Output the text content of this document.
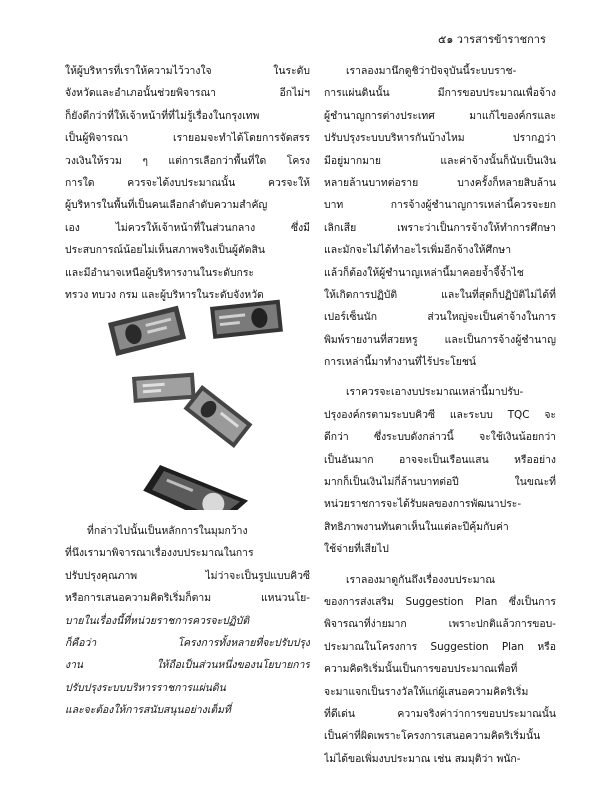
๕๑ วารสารข้าราชการ
ให้ผู้บริหารที่เราให้ความไว้วางใจ ในระดับ
จังหวัดและอำเภอนั้นช่วยพิจารณา อีกไม่ฯ
ก็ยังดีกว่าที่ให้เจ้าหน้าที่ที่ไม่รู้เรื่องในกรุงเทพ
เป็นผู้พิจารณา เรายอมจะทำได้โดยการจัดสรร
วงเงินให้รวม ๆ แต่การเลือกว่าพื้นที่ใด โครง
การใด ควรจะได้งบประมาณนั้น ควรจะให้
ผู้บริหารในพื้นที่เป็นคนเลือกลำดับความสำคัญ
เอง ไม่ควรให้เจ้าหน้าที่ในส่วนกลาง ซึ่งมี
ประสบการณ์น้อยไม่เห็นสภาพจริงเป็นผู้ตัดสิน
และมีอำนาจเหนือผู้บริหารงานในระดับกระ
ทรวง ทบวง กรม และผู้บริหารในระดับจังหวัด
ที่กล่าวไปนั้นเป็นหลักการในมุมกว้าง
ที่นึงเรามาพิจารณาเรื่องงบประมาณในการ
ปรับปรุงคุณภาพ ไม่ว่าจะเป็นรูปแบบคิวซี
หรือการเสนอความคิดริเริ่มก็ตาม แหนวนโย-
บายในเรื่องนี้ที่หน่วยราชการควรจะปฏิบัติ
ก็คือว่า โครงการทั้งหลายที่จะปรับปรุง
งาน ให้ถือเป็นส่วนหนึ่งของนโยบายการ
ปรับปรุงระบบบริหารราชการแผ่นดิน
และจะต้องให้การสนับสนุนอย่างเต็มที่
เราลองมานึกดูชิว่าปัจจุบันนี้ระบบราช-
การแผ่นดินนั้น มีการขอบประมาณเพื่อจ้าง
ผู้ชำนาญการต่างประเทศ มาแก้ไของค์กรและ
ปรับปรุงระบบบริหารกันบ้างไหม ปรากฏว่า
มีอยู่มากมาย และค่าจ้างนั้นก็นับเป็นเงิน
หลายล้านบาทต่อราย บางครั้งก็หลายสิบล้าน
บาท การจ้างผู้ชำนาญการเหล่านี้ควรจะยก
เลิกเสีย เพราะว่าเป็นการจ้างให้ทำการศึกษา
และมักจะไม่ได้ทำอะไรเพิ่มอีกจ้างให้ศึกษา
แล้วก็ต้องให้ผู้ชำนาญเหล่านี้มาคอยจ้ำจี้จ้ำไช
ให้เกิดการปฏิบัติ และในที่สุดก็ปฏิบัติไม่ได้ที่
เปอร์เซ็นนัก ส่วนใหญ่จะเป็นค่าจ้างในการ
พิมพ์รายงานที่สวยหรู และเป็นการจ้างผู้ชำนาญ
การเหล่านี้มาทำงานที่ไร้ประโยชน์
เราควรจะเอางบประมาณเหล่านี้มาปรับ-
ปรุงองค์กรตามระบบคิวซี และระบบ TQC จะ
ดีกว่า ซึ่งระบบดังกล่าวนี้ จะใช้เงินน้อยกว่า
เป็นอันมาก อาจจะเป็นเรือนแสน หรืออย่าง
มากก็เป็นเงินไม่กี่ล้านบาทต่อปี ในขณะที่
หน่วยราชการจะได้รับผลของการพัฒนาประ-
สิทธิภาพงานทันตาเห็นในแต่ละปีคุ้มกับค่า
ใช้จ่ายที่เสียไป
เราลองมาดูกันถึงเรื่องงบประมาณ
ของการส่งเสริม Suggestion Plan ซึ่งเป็นการ
พิจารณาที่ง่ายมาก เพราะปกติแล้วการขอบ-
ประมาณในโครงการ Suggestion Plan หรือ
ความคิดริเริ่มนั้นเป็นการขอบประมาณเพื่อที่
จะมาแจกเป็นรางวัลให้แก่ผู้เสนอความคิดริเริ่ม
ที่ดีเด่น ความจริงค่าว่าการขอบประมาณนั้น
เป็นค่าที่ผิดเพราะโครงการเสนอความคิดริเริ่มนั้น
ไม่ได้ขอเพิ่มงบประมาณ เช่น สมมุติว่า พนัก-
